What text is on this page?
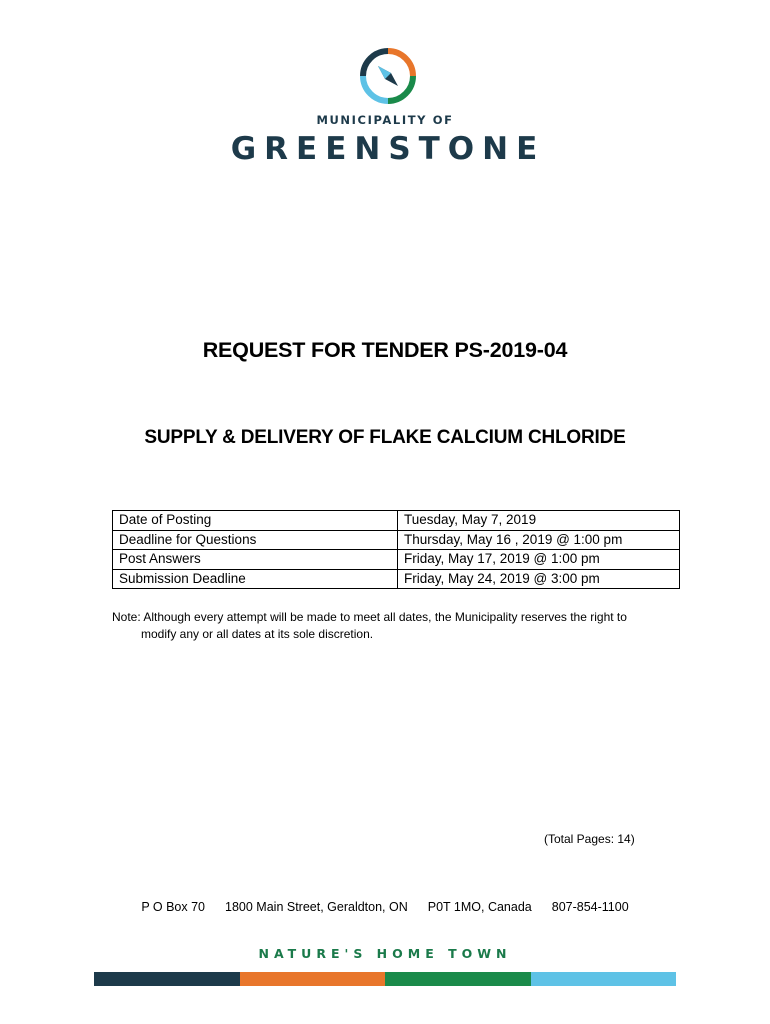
MUNICIPALITY OF
GREENSTONE
REQUEST FOR TENDER PS-2019-04
SUPPLY & DELIVERY OF FLAKE CALCIUM CHLORIDE
Date of Posting	Tuesday, May 7, 2019
Deadline for Questions	Thursday, May 16 , 2019 @ 1:00 pm
Post Answers	Friday, May 17, 2019 @ 1:00 pm
Submission Deadline	Friday, May 24, 2019 @ 3:00 pm
Note: Although every attempt will be made to meet all dates, the Municipality reserves the right to
modify any or all dates at its sole discretion.
(Total Pages: 14)
P O Box 70 1800 Main Street, Geraldton, ON P0T 1MO, Canada 807-854-1100
NATURE'S HOME TOWN
